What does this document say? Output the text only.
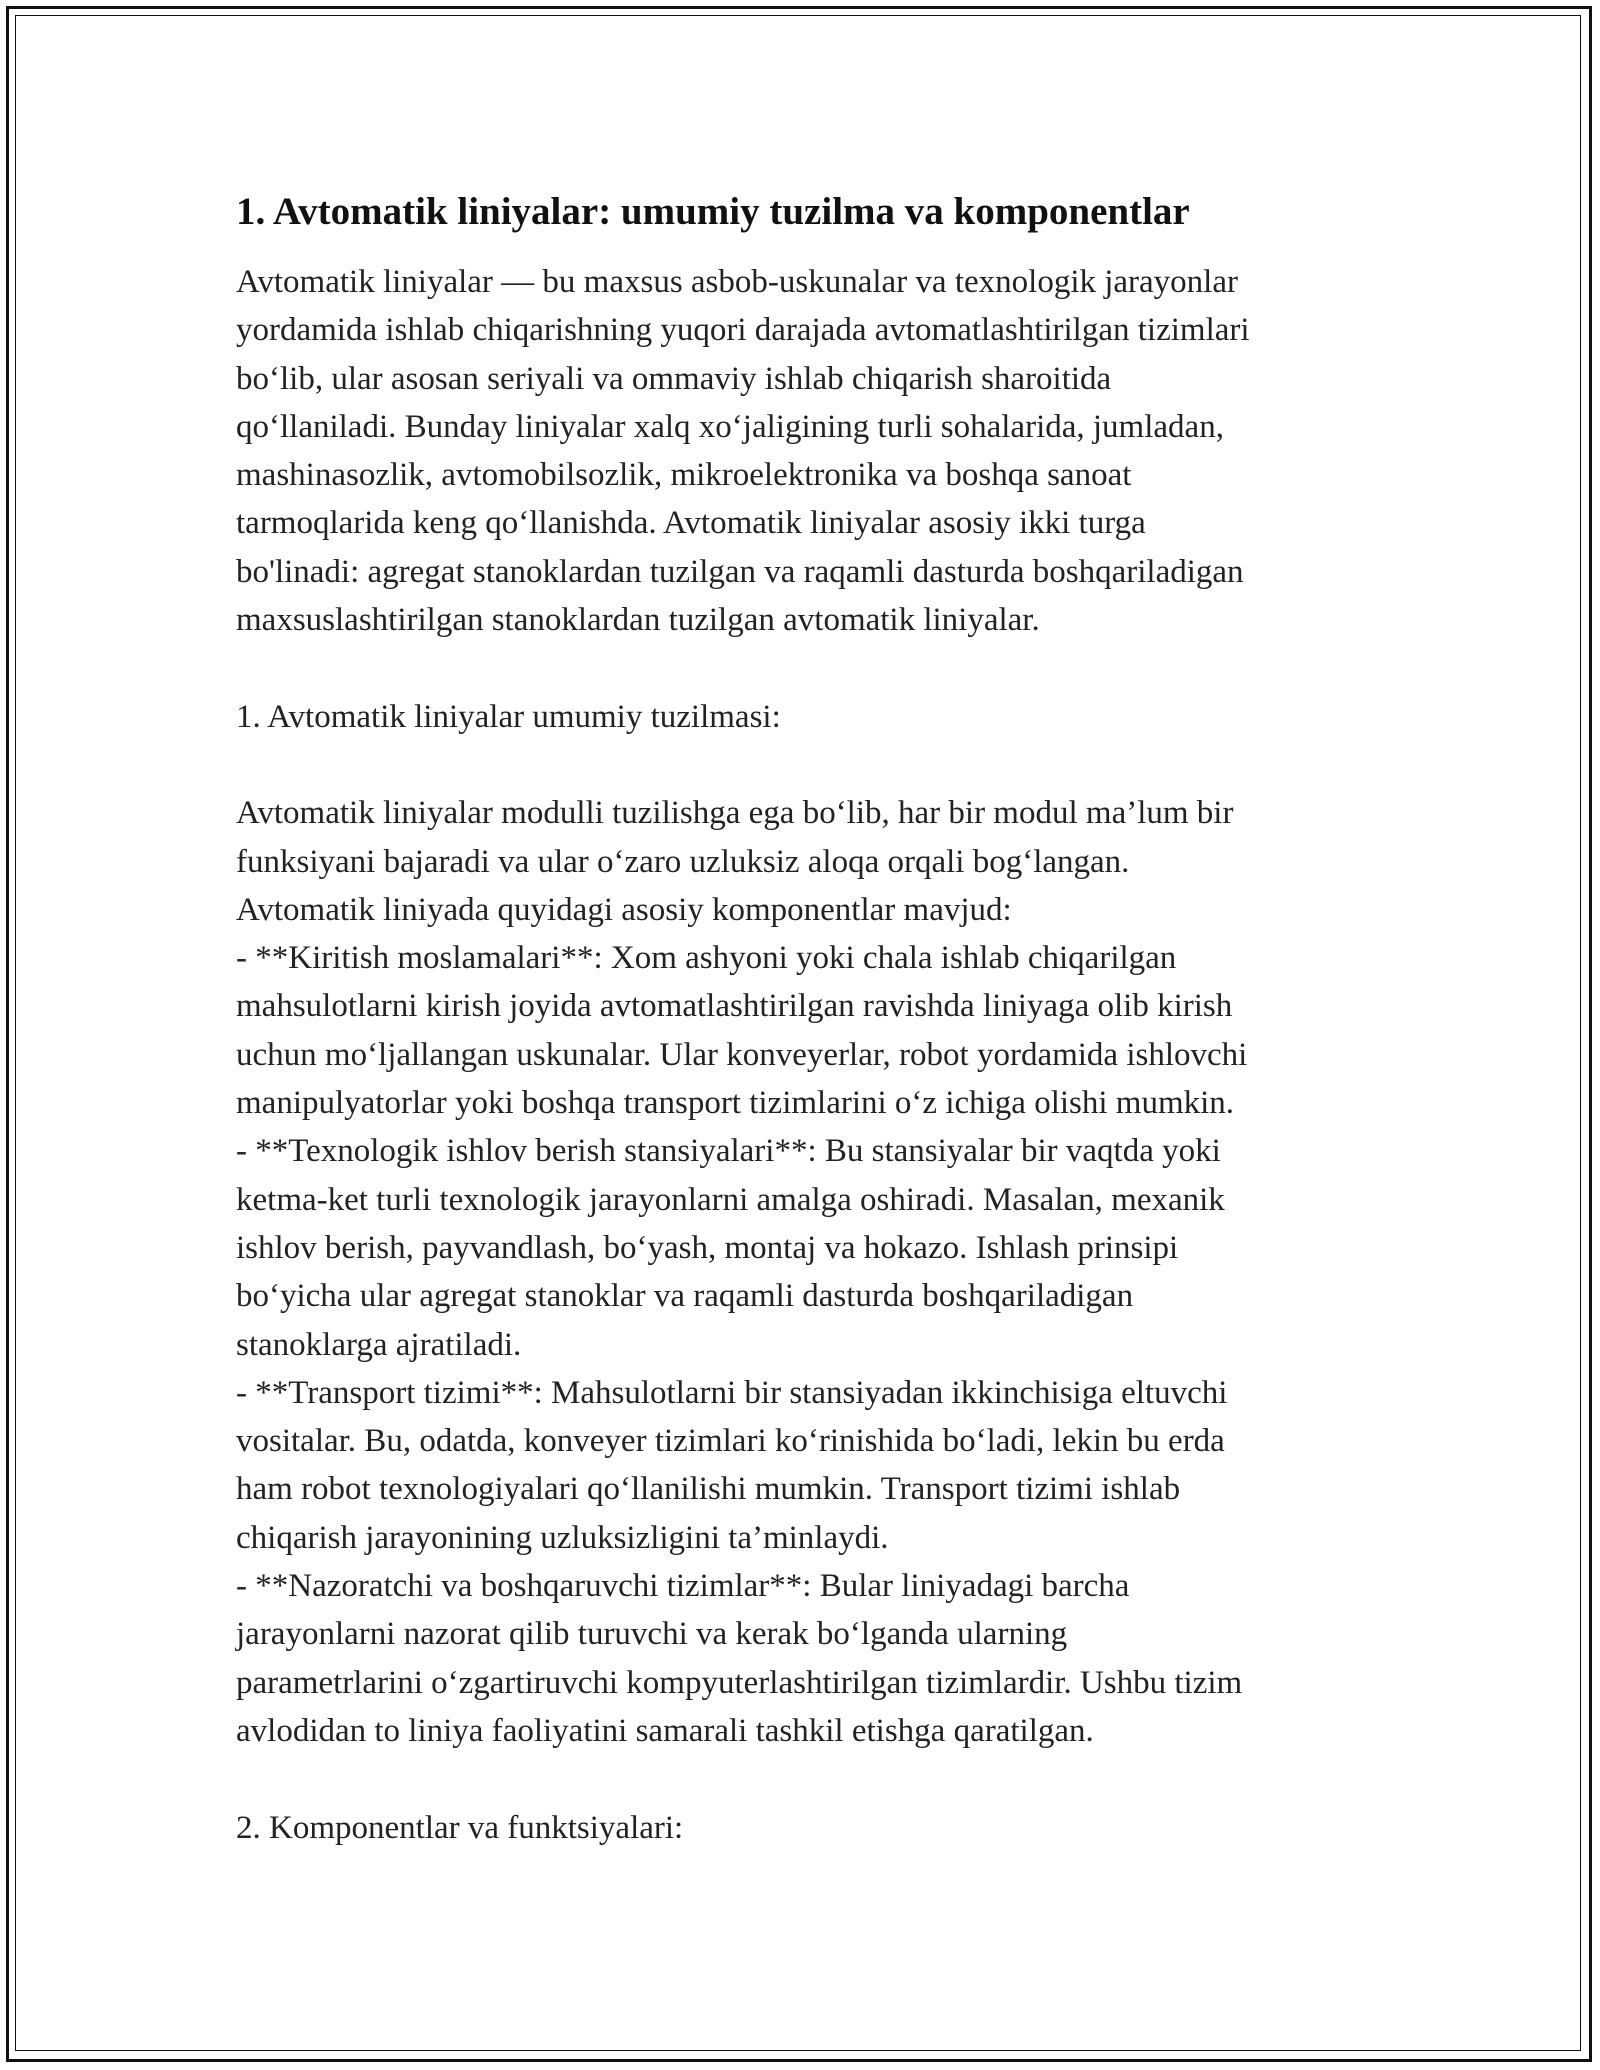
1. Avtomatik liniyalar: umumiy tuzilma va komponentlar
Avtomatik liniyalar — bu maxsus asbob-uskunalar va texnologik jarayonlar
yordamida ishlab chiqarishning yuqori darajada avtomatlashtirilgan tizimlari
bo‘lib, ular asosan seriyali va ommaviy ishlab chiqarish sharoitida
qo‘llaniladi. Bunday liniyalar xalq xo‘jaligining turli sohalarida, jumladan,
mashinasozlik, avtomobilsozlik, mikroelektronika va boshqa sanoat
tarmoqlarida keng qo‘llanishda. Avtomatik liniyalar asosiy ikki turga
bo'linadi: agregat stanoklardan tuzilgan va raqamli dasturda boshqariladigan
maxsuslashtirilgan stanoklardan tuzilgan avtomatik liniyalar.
1. Avtomatik liniyalar umumiy tuzilmasi:
Avtomatik liniyalar modulli tuzilishga ega bo‘lib, har bir modul ma’lum bir
funksiyani bajaradi va ular o‘zaro uzluksiz aloqa orqali bog‘langan.
Avtomatik liniyada quyidagi asosiy komponentlar mavjud:
- **Kiritish moslamalari**: Xom ashyoni yoki chala ishlab chiqarilgan
mahsulotlarni kirish joyida avtomatlashtirilgan ravishda liniyaga olib kirish
uchun mo‘ljallangan uskunalar. Ular konveyerlar, robot yordamida ishlovchi
manipulyatorlar yoki boshqa transport tizimlarini o‘z ichiga olishi mumkin.
- **Texnologik ishlov berish stansiyalari**: Bu stansiyalar bir vaqtda yoki
ketma-ket turli texnologik jarayonlarni amalga oshiradi. Masalan, mexanik
ishlov berish, payvandlash, bo‘yash, montaj va hokazo. Ishlash prinsipi
bo‘yicha ular agregat stanoklar va raqamli dasturda boshqariladigan
stanoklarga ajratiladi.
- **Transport tizimi**: Mahsulotlarni bir stansiyadan ikkinchisiga eltuvchi
vositalar. Bu, odatda, konveyer tizimlari ko‘rinishida bo‘ladi, lekin bu erda
ham robot texnologiyalari qo‘llanilishi mumkin. Transport tizimi ishlab
chiqarish jarayonining uzluksizligini ta’minlaydi.
- **Nazoratchi va boshqaruvchi tizimlar**: Bular liniyadagi barcha
jarayonlarni nazorat qilib turuvchi va kerak bo‘lganda ularning
parametrlarini o‘zgartiruvchi kompyuterlashtirilgan tizimlardir. Ushbu tizim
avlodidan to liniya faoliyatini samarali tashkil etishga qaratilgan.
2. Komponentlar va funktsiyalari:
